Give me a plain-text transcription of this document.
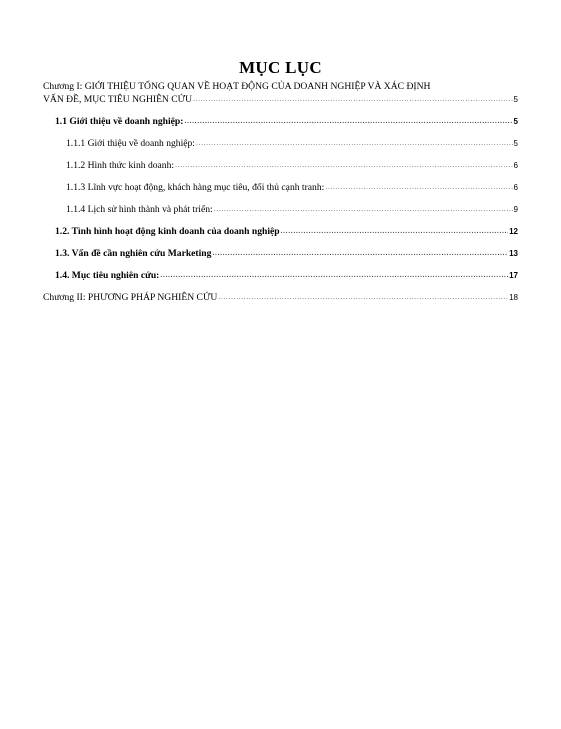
MỤC LỤC
Chương I: GIỚI THIỆU TỔNG QUAN VỀ HOẠT ĐỘNG CỦA DOANH NGHIỆP VÀ XÁC ĐỊNH
VẤN ĐỀ, MỤC TIÊU NGHIÊN CỨU .....	5
1.1 Giới thiệu về doanh nghiệp: .....	5
1.1.1 Giới thiệu về doanh nghiệp: .....	5
1.1.2 Hình thức kinh doanh: .....	6
1.1.3 Lĩnh vực hoạt động, khách hàng mục tiêu, đối thủ cạnh tranh: .....	6
1.1.4 Lịch sử hình thành và phát triển: .....	9
1.2. Tình hình hoạt động kinh doanh của doanh nghiệp .....	12
1.3. Vấn đề cần nghiên cứu Marketing .....	13
1.4. Mục tiêu nghiên cứu: .....	17
Chương II: PHƯƠNG PHÁP NGHIÊN CỨU .....	18
